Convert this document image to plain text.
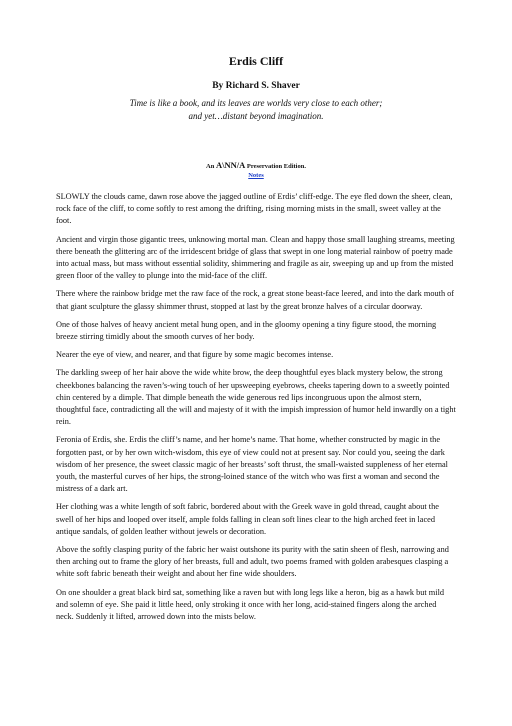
Erdis Cliff
By Richard S. Shaver
Time is like a book, and its leaves are worlds very close to each other;
and yet…distant beyond imagination.
An A\NN/A Preservation Edition.
Notes

SLOWLY the clouds came, dawn rose above the jagged outline of Erdis’ cliff-edge. The eye fled down the sheer, clean, rock face of the cliff, to come softly to rest among the drifting, rising morning mists in the small, sweet valley at the foot.

Ancient and virgin those gigantic trees, unknowing mortal man. Clean and happy those small laughing streams, meeting there beneath the glittering arc of the irridescent bridge of glass that swept in one long material rainbow of poetry made into actual mass, but mass without essential solidity, shimmering and fragile as air, sweeping up and up from the misted green floor of the valley to plunge into the mid-face of the cliff.

There where the rainbow bridge met the raw face of the rock, a great stone beast-face leered, and into the dark mouth of that giant sculpture the glassy shimmer thrust, stopped at last by the great bronze halves of a circular doorway.

One of those halves of heavy ancient metal hung open, and in the gloomy opening a tiny figure stood, the morning breeze stirring timidly about the smooth curves of her body.

Nearer the eye of view, and nearer, and that figure by some magic becomes intense.

The darkling sweep of her hair above the wide white brow, the deep thoughtful eyes black mystery below, the strong cheekbones balancing the raven’s-wing touch of her upsweeping eyebrows, cheeks tapering down to a sweetly pointed chin centered by a dimple. That dimple beneath the wide generous red lips incongruous upon the almost stern, thoughtful face, contradicting all the will and majesty of it with the impish impression of humor held inwardly on a tight rein.

Feronia of Erdis, she. Erdis the cliff’s name, and her home’s name. That home, whether constructed by magic in the forgotten past, or by her own witch-wisdom, this eye of view could not at present say. Nor could you, seeing the dark wisdom of her presence, the sweet classic magic of her breasts’ soft thrust, the small-waisted suppleness of her eternal youth, the masterful curves of her hips, the strong-loined stance of the witch who was first a woman and second the mistress of a dark art.

Her clothing was a white length of soft fabric, bordered about with the Greek wave in gold thread, caught about the swell of her hips and looped over itself, ample folds falling in clean soft lines clear to the high arched feet in laced antique sandals, of golden leather without jewels or decoration.

Above the softly clasping purity of the fabric her waist outshone its purity with the satin sheen of flesh, narrowing and then arching out to frame the glory of her breasts, full and adult, two poems framed with golden arabesques clasping a white soft fabric beneath their weight and about her fine wide shoulders.

On one shoulder a great black bird sat, something like a raven but with long legs like a heron, big as a hawk but mild and solemn of eye. She paid it little heed, only stroking it once with her long, acid-stained fingers along the arched neck. Suddenly it lifted, arrowed down into the mists below.
